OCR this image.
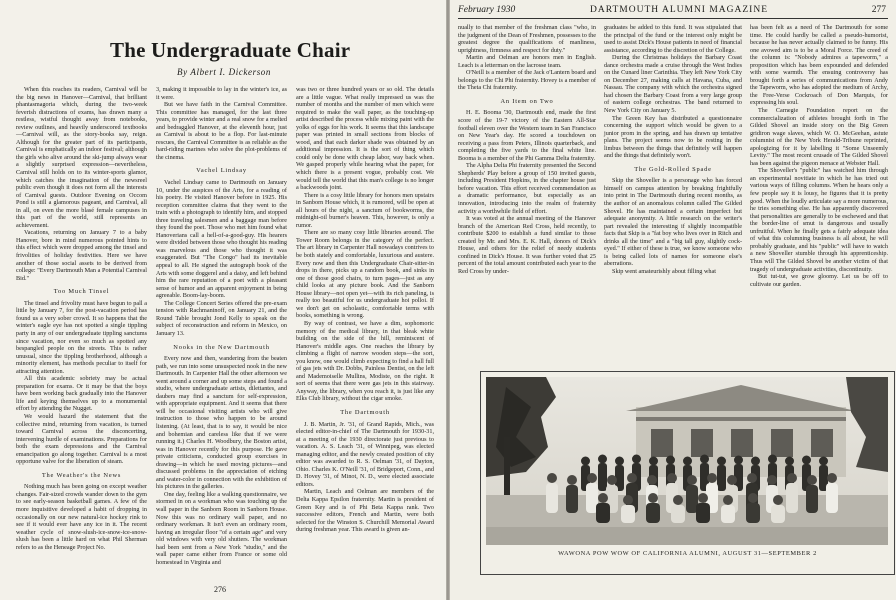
The Undergraduate Chair
By Albert I. Dickerson

When this reaches its readers, Carnival will be the big news in Hanover—Carnival, that brilliant phantasmagoria which, during the two-week feverish distractions of exams, has drawn many a restless, wistful thought away from notebooks, review outlines, and heavily underscored textbooks—Carnival will, as the story-books say, reign. Although for the greater part of its participants, Carnival is emphatically an indoor festival; although the girls who alive around the ski-jump always wear a slightly surprised expression—nevertheless, Carnival still holds on to its winter-sports glamor, which catches the imagination of the newsreel public even though it does not form all the interests of Carnival guests. Outdoor Evening on Occom Pond is still a glamorous pageant, and Carnival, all in all, on even the more blasé female campuses in this part of the world, still represents an achievement.

Vacations, returning on January 7 to a baby Hanover, bore in mind numerous pointed hints to this effect which were dropped among the tinsel and frivolities of holiday festivities. Here we have another of those social assets to be derived from college: "Every Dartmouth Man a Potential Carnival Bid."

Too Much Tinsel

The tinsel and frivolity must have begun to pall a little by January 7, for the post-vacation period has found us a very sober crowd. It so happens that the winter's eagle eye has not spotted a single tippling party in any of our undergraduate tippling sanctums since vacation, nor even so much as spotted any bespangled people on the streets. This is rather unusual, since the tippling brotherhood, although a minority element, has methods peculiar to itself for attracting attention.

All this academic sobriety may be actual preparation for exams. Or it may be that the boys have been working back gradually into the Hanover life and keying themselves up to a monumental effort by attending the Nugget.

We would hazard the statement that the collective mind, returning from vacation, is turned toward Carnival across the disconcerting, intervening hurdle of examinations. Preparations for both the exam depressions and the Carnival emancipation go along together. Carnival is a most opportune valve for the liberation of steam.

The Weather's the News

Nothing much has been going on except weather changes. Fair-sized crowds wander down to the gym to see early-season basketball games. A few of the more inquisitive developed a habit of dropping in occasionally on our new natural-ice hockey rink to see if it would ever have any ice in it. The recent weather cycle of snow-slush-ice-snow-ice-snow-slush has been a little hard on what Phil Sherman refers to as the Heneage Project No.

3, making it impossible to lay in the winter's ice, as it were.

But we have faith in the Carnival Committee. This committee has managed, for the last three years, to provide winter and a real snow for a melted and bedraggled Hanover, at the eleventh hour, just as Carnival is about to be a flop. For last-minute rescues, the Carnival Committee is as reliable as the hard-riding marines who solve the plot-problems of the cinema.

Vachel Lindsay

Vachel Lindsay came to Dartmouth on January 10, under the auspices of the Arts, for a reading of his poetry. He visited Hanover before in 1925. His reception committee claims that they went to the train with a photograph to identify him, and stopped three traveling salesmen and a baggage man before they found the poet. Those who met him found what Hanoverians call a hell-of-a-good-guy. His hearers were divided between those who thought his reading was marvelous and those who thought it was exaggerated. But "The Congo" had its inevitable appeal to all. He signed the autograph book of the Arts with some doggerel and a daisy, and left behind him the rare reputation of a poet with a pleasant sense of humor and an apparent enjoyment in being agreeable. Boom-lay-boom.

The College Concert Series offered the pre-exam tension with Rachmaninoff, on January 21, and the Round Table brought Jond Kelly to speak on the subject of reconstruction and reform in Mexico, on January 13.

Nooks in the New Dartmouth

Every now and then, wandering from the beaten path, we run into some unsuspected nook in the new Dartmouth. In Carpenter Hall the other afternoon we went around a corner and up some steps and found a studio, where undergraduate artists, dilettantes, and daubers may find a sanctum for self-expression, with appropriate equipment. And it seems that there will be occasional visiting artists who will give instruction to those who happen to be around listening. (At least, that is to say, it would be nice and bohemian and careless like that if we were running it.) Charles H. Woodbury, the Boston artist, was in Hanover recently for this purpose. He gave private criticisms, conducted group exercises in drawing—in which he used moving pictures—and discussed problems in the appreciation of etching and water-color in connection with the exhibition of his pictures in the galleries.

One day, feeling like a walking questionnaire, we stormed in on a workman who was touching up the wall paper in the Sanborn Room in Sanborn House. Now this was no ordinary wall paper, and no ordinary workman. It isn't even an ordinary room, having an irregular floor "of a certain age" and very old windows with very old shutters. The workman had been sent from a New York "studio," and the wall paper came either from France or some old homestead in Virginia and

was two or three hundred years or so old. The details are a little vague. What really impressed us was the number of months and the number of men which were required to make the wall paper, as the touching-up artist described the process while mixing paint with the yolks of eggs for his work. It seems that this landscape paper was printed in small sections from blocks of wood, and that each darker shade was obtained by an additional impression. It is the sort of thing which could only be done with cheap labor, way back when. We gasped properly while hearing what the paper, for which there is a present vogue, probably cost. We would tell the world that this man's college is no longer a backwoods joint.

There is a cosy little library for honors men upstairs in Sanborn House which, it is rumored, will be open at all hours of the night, a sanctum of bookworms, the midnight-oil burner's heaven. This, however, is only a rumor.

There are so many cosy little libraries around. The Tower Room belongs in the category of the perfect. The art library in Carpenter Hall nowadays contrives to be both stately and comfortable, luxurious and austere. Every now and then this Undergraduate Chair-sitter-in drops in there, picks up a random book, and sinks in one of those good chairs, to turn pages—just as any child looks at any picture book. And the Sanborn House library—not open yet—with its rich paneling, is really too beautiful for us undergraduate hoi polloi. If we don't get on scholastic, comfortable terms with books, something is wrong.

By way of contrast, we have a dim, sophomoric memory of the medical library, in that bleak white building on the side of the hill, reminiscent of Hanover's middle ages. One reaches the library by climbing a flight of narrow wooden steps—the sort, you know, one would climb expecting to find a hall full of gas jets with Dr. Dobbs, Painless Dentist, on the left and Mademoiselle Mullins, Modiste, on the right. It sort of seems that there were gas jets in this stairway. Anyway, the library, when you reach it, is just like any Elks Club library, without the cigar smoke.

The Dartmouth

J. B. Martin, Jr. '31, of Grand Rapids, Mich., was elected editor-in-chief of The Dartmouth for 1930-31, at a meeting of the 1930 directorate just previous to vacation. A. S. Leach '31, of Winnipeg, was elected managing editor, and the newly created position of city editor was awarded to R. S. Oelman '31, of Dayton, Ohio. Charles K. O'Neill '31, of Bridgeport, Conn., and D. Hovey '31, of Minot, N. D., were elected associate editors.

Martin, Leach and Oelman are members of the Delta Kappa Epsilon fraternity. Martin is president of Green Key and is of Phi Beta Kappa rank. Two successive editors, French and Martin, were both selected for the Winston S. Churchill Memorial Award during freshman year. This award is given an-

276
February 1930	DARTMOUTH ALUMNI MAGAZINE	277

nually to that member of the freshman class "who, in the judgment of the Dean of Freshmen, possesses to the greatest degree the qualifications of manliness, uprightness, firmness and respect for duty."

Martin and Oelman are honors men in English. Leach is a letterman on the lacrosse team.

O'Neill is a member of the Jack o'Lantern board and belongs to the Chi Phi fraternity. Hovey is a member of the Theta Chi fraternity.

An Item on Two

H. E. Booma '30, Dartmouth end, made the first score of the 19-7 victory of the Eastern All-Star football eleven over the Western team in San Francisco on New Year's day. He scored a touchdown on receiving a pass from Peters, Illinois quarterback, and completing the five yards to the final white line. Booma is a member of the Phi Gamma Delta fraternity.

The Alpha Delta Phi fraternity presented the Second Shepherds' Play before a group of 150 invited guests, including President Hopkins, in the chapter house just before vacation. This effort received commendation as a dramatic performance, but especially as an innovation, introducing into the realm of fraternity activity a worthwhile field of effort.

It was voted at the annual meeting of the Hanover branch of the American Red Cross, held recently, to contribute $200 to establish a fund similar to those created by Mr. and Mrs. E. K. Hall, donors of Dick's House, and others for the relief of needy students confined in Dick's House. It was further voted that 25 percent of the total amount contributed each year to the Red Cross by under-

graduates be added to this fund. It was stipulated that the principal of the fund or the interest only might be used to assist Dick's House patients in need of financial assistance, according to the discretion of the College.

During the Christmas holidays the Barbary Coast dance orchestra made a cruise through the West Indies on the Cunard liner Carinthia. They left New York City on December 27, making calls at Havana, Cuba, and Nassau. The company with which the orchestra signed had chosen the Barbary Coast from a very large group of eastern college orchestras. The band returned to New York City on January 5.

The Green Key has distributed a questionnaire concerning the support which would be given to a junior prom in the spring, and has drawn up tentative plans. The project seems now to be resting in the limbus between the things that definitely will happen and the things that definitely won't.

The Gold-Rolled Spade

Skip the Shoveller is a personage who has forced himself on campus attention by breaking frightfully into print in The Dartmouth during recent months, as the author of an anomalous column called The Gilded Shovel. He has maintained a certain imperfect but adequate anonymity. A little research on the writer's part revealed the interesting if slightly incompatible facts that Skip is a "fat boy who lives over in Ritch and drinks all the time" and a "big tall guy, slightly cock-eyed." If either of these is true, we know someone who is being called lots of names for someone else's aberrations.

Skip went amateurishly about filling what

has been felt as a need of The Dartmouth for some time. He could hardly be called a pseudo-humorist, because he has never actually claimed to be funny. His one avowed aim is to be a Moral Force. The creed of the column is: "Nobody admires a tapeworm," a proposition which has been expounded and defended with some warmth. The ensuing controversy has brought forth a series of communications from Andy the Tapeworm, who has adopted the medium of Archy, the Free-Verse Cockroach of Don Marquis, for expressing his soul.

The Carnegie Foundation report on the commercialization of athletes brought forth in The Gilded Shovel an inside story on the Big Green gridiron wage slaves, which W. O. McGeehan, astute columnist of the New York Herald-Tribune reprinted, apologizing for it by labelling it "Some Unseemly Levity." The most recent crusade of The Gilded Shovel has been against the pigeon menace at Webster Hall.

The Shoveller's "public" has watched him through an experimental novitiate in which he has tried out various ways of filling columns. When he hears only a few people say it is lousy, he figures that it is pretty good. When the loudly articulate say a more numerous, he tries something else. He has apparently discovered that personalities are generally to be eschewed and that the border-line of smut is dangerous and usually unfruitful. When he finally gets a fairly adequate idea of what this columning business is all about, he will probably graduate, and his "public" will have to watch a new Shoveller stumble through his apprenticeship. Thus will The Gilded Shovel be another victim of that tragedy of undergraduate activities, discontinuity.

But tut-tut, we grow gloomy. Let us be off to cultivate our garden.

WAWONA POW WOW OF CALIFORNIA ALUMNI, AUGUST 31—SEPTEMBER 2
